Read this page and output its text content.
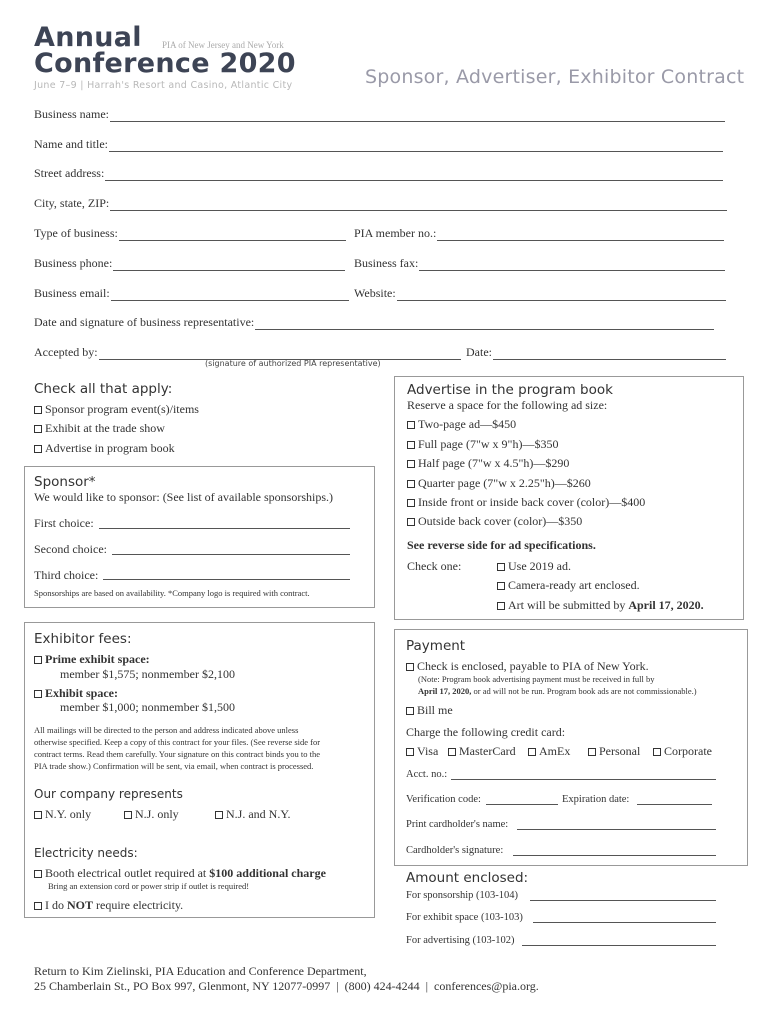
Annual
Conference 2020
PIA of New Jersey and New York
June 7–9 | Harrah's Resort and Casino, Atlantic City	Sponsor, Advertiser, Exhibitor Contract
Business name:
Name and title:
Street address:
City, state, ZIP:
Type of business:	PIA member no.:
Business phone:	Business fax:
Business email:	Website:
Date and signature of business representative:
Accepted by:	Date:
(signature of authorized PIA representative)
Check all that apply:
Sponsor program event(s)/items
Exhibit at the trade show
Advertise in program book
Sponsor*
We would like to sponsor: (See list of available sponsorships.)
First choice:
Second choice:
Third choice:
Sponsorships are based on availability. *Company logo is required with contract.
Advertise in the program book
Reserve a space for the following ad size:
Two-page ad—$450
Full page (7"w x 9"h)—$350
Half page (7"w x 4.5"h)—$290
Quarter page (7"w x 2.25"h)—$260
Inside front or inside back cover (color)—$400
Outside back cover (color)—$350
See reverse side for ad specifications.
Check one:	Use 2019 ad.
Camera-ready art enclosed.
Art will be submitted by April 17, 2020.
Exhibitor fees:
Prime exhibit space:
member $1,575; nonmember $2,100
Exhibit space:
member $1,000; nonmember $1,500
All mailings will be directed to the person and address indicated above unless
otherwise specified. Keep a copy of this contract for your files. (See reverse side for
contract terms. Read them carefully. Your signature on this contract binds you to the
PIA trade show.) Confirmation will be sent, via email, when contract is processed.
Our company represents
N.Y. only	N.J. only	N.J. and N.Y.
Electricity needs:
Booth electrical outlet required at $100 additional charge
Bring an extension cord or power strip if outlet is required!
I do NOT require electricity.
Payment
Check is enclosed, payable to PIA of New York.
(Note: Program book advertising payment must be received in full by
April 17, 2020, or ad will not be run. Program book ads are not commissionable.)
Bill me
Charge the following credit card:
Visa	MasterCard	AmEx	Personal	Corporate
Acct. no.:
Verification code:	Expiration date:
Print cardholder's name:
Cardholder's signature:
Amount enclosed:
For sponsorship (103-104)
For exhibit space (103-103)
For advertising (103-102)
Return to Kim Zielinski, PIA Education and Conference Department,
25 Chamberlain St., PO Box 997, Glenmont, NY 12077-0997  |  (800) 424-4244  |  conferences@pia.org.
